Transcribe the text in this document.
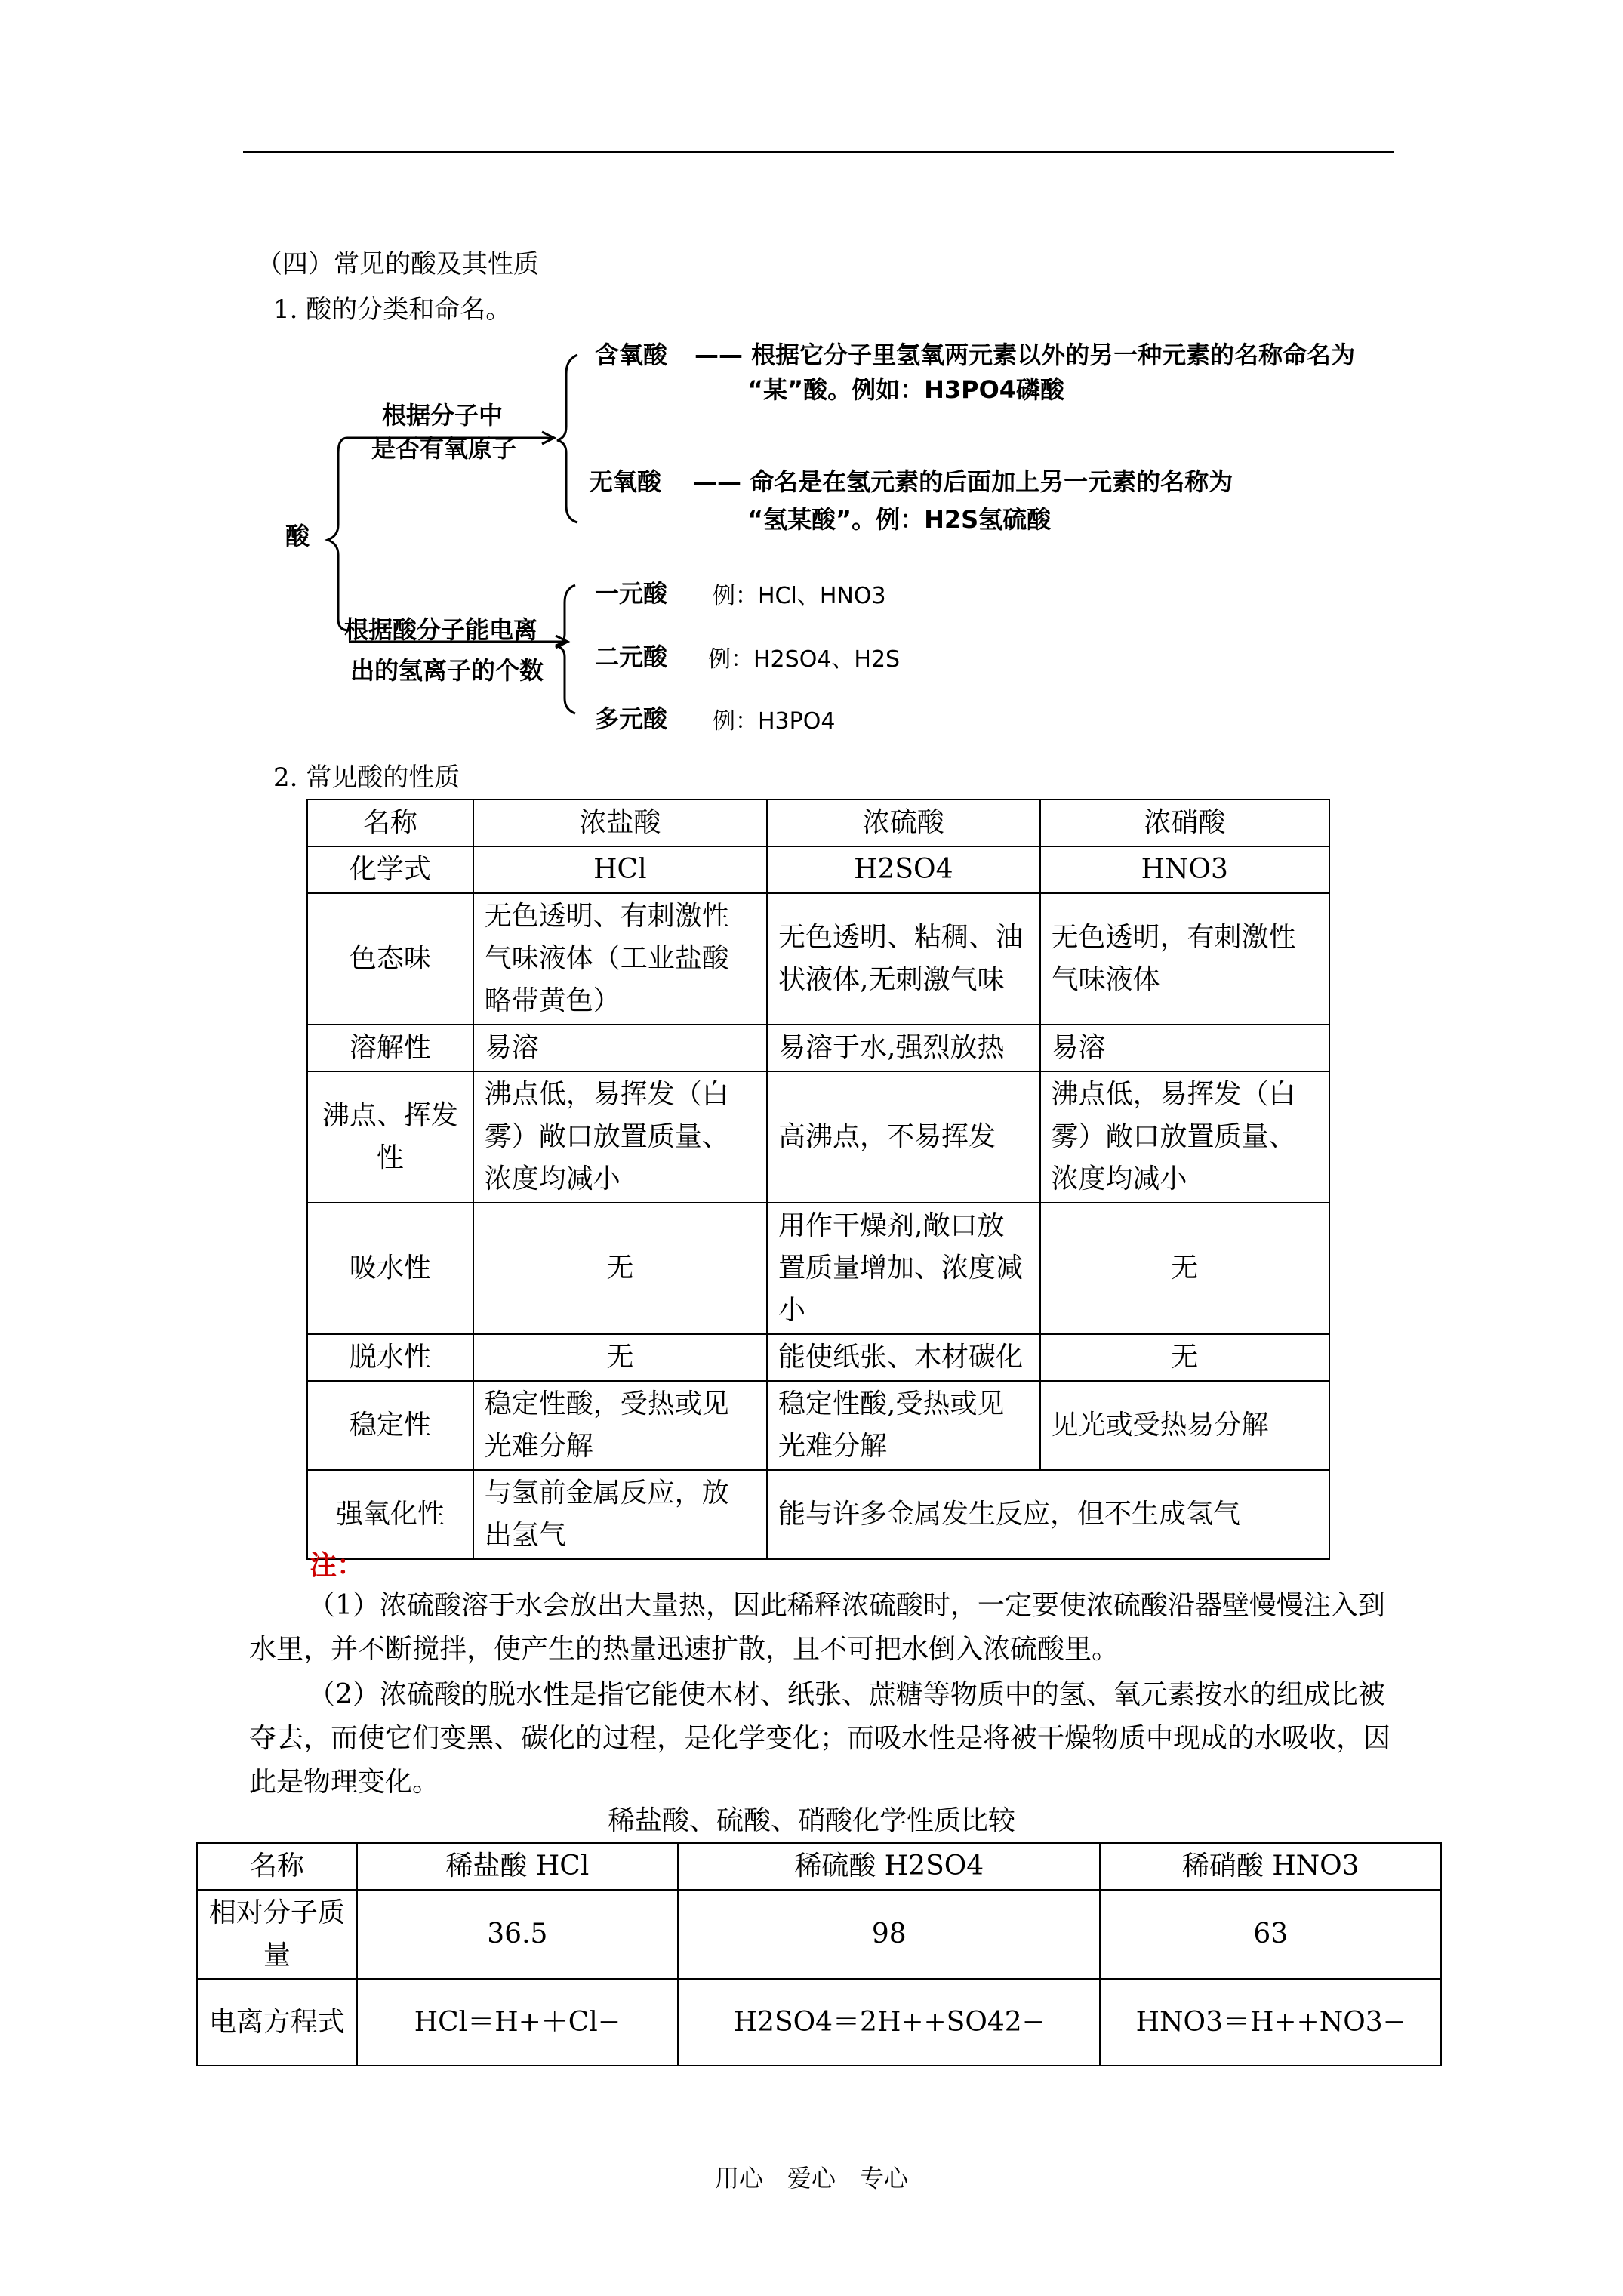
（四）常见的酸及其性质
1. 酸的分类和命名。
酸
根据分子中
是否有氧原子
含氧酸 —— 根据它分子里氢氧两元素以外的另一种元素的名称命名为
“某”酸。例如：H3PO4磷酸
无氧酸 —— 命名是在氢元素的后面加上另一元素的名称为
“氢某酸”。例：H2S氢硫酸
根据酸分子能电离
出的氢离子的个数
一元酸 例：HCl、HNO3
二元酸 例：H2SO4、H2S
多元酸 例：H3PO4
2. 常见酸的性质
名称	浓盐酸	浓硫酸	浓硝酸
化学式	HCl	H2SO4	HNO3
色态味	无色透明、有刺激性气味液体（工业盐酸略带黄色）	无色透明、粘稠、油状液体,无刺激气味	无色透明，有刺激性气味液体
溶解性	易溶	易溶于水,强烈放热	易溶
沸点、挥发性	沸点低，易挥发（白雾）敞口放置质量、浓度均减小	高沸点，不易挥发	沸点低，易挥发（白雾）敞口放置质量、浓度均减小
吸水性	无	用作干燥剂,敞口放置质量增加、浓度减小	无
脱水性	无	能使纸张、木材碳化	无
稳定性	稳定性酸，受热或见光难分解	稳定性酸,受热或见光难分解	见光或受热易分解
强氧化性	与氢前金属反应，放出氢气	能与许多金属发生反应，但不生成氢气	
注：
（1）浓硫酸溶于水会放出大量热，因此稀释浓硫酸时，一定要使浓硫酸沿器壁慢慢注入到水里，并不断搅拌，使产生的热量迅速扩散，且不可把水倒入浓硫酸里。
（2）浓硫酸的脱水性是指它能使木材、纸张、蔗糖等物质中的氢、氧元素按水的组成比被夺去，而使它们变黑、碳化的过程，是化学变化；而吸水性是将被干燥物质中现成的水吸收，因此是物理变化。
稀盐酸、硫酸、硝酸化学性质比较
名称	稀盐酸 HCl	稀硫酸 H2SO4	稀硝酸 HNO3
相对分子质量	36.5	98	63
电离方程式	HCl＝H+＋Cl−	H2SO4＝2H++SO42−	HNO3＝H++NO3−
用心　爱心　专心
